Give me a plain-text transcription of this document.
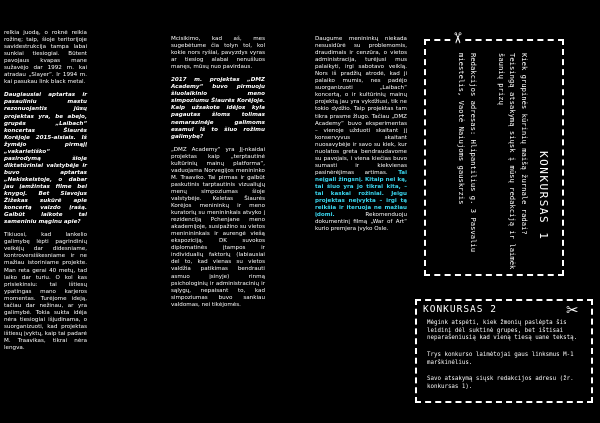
relkia juodą, o roknė reikia rožinę; taip, šioje teritorijoje savidestrukcija tampa labai sunkiai tiesiogiai. Būtent pavojaus kvapas mane sužavėjo dar 1992 m. kai atradau „Slayer“. Ir 1994 m. kai pasukau link black metal.

Daugiausiai aptartas ir pasauliniu mastu rezonuojantis jūsų projektas yra, be abejo, grupės „Laibach“ koncertas Šiaurės Korėjoje 2015-aisiais. Iš žymėjo pirmąjį „vakarietiško“ pasirodymą šioje diktatūriniai valstybėje ir buvo aptartas „Nekiskeistoje, o dabar jau įamžintas filme bei knygoj. Bet Slavojus Žižekas sukūrė apie koncertą vaizdo įrašą. Galbūt laikote tai sameniniu mąginu apie?

Tikiuosi, kad lankelio galimybę lėpti pagrindinių veikėjų dar didesniame, kontroversiškesniame ir ne mažiau istoriniame projekte. Man reta gerai 40 metų, tad laiko dar turiu. O kol kas prisiekinsiu: tai ištiesų ypatingas mano karjeros momentas. Turėjome ideją, tačiau dar nežinau, ar yra galimybė. Tokia sukta idėja nėra tiesiogiai išjudinama, o suorganizuoti, kad projektas ištiesų įvyktų, kaip tai padarė M. Traavikas, tikrai nėra lengva.

Mcisikimo, kad aš, mes sugebėtume čia tolyn tol, kol kokie nors ryšiai, pavyzdys vyras ar tiesiog alabai nenušluos manęs, mūsų nuo pavirdaus.

2017 m. projektas „DMZ Academy“ buvo pirmuoju šiuolaikinio meno simpoziumu Šiaurės Korėjoje. Kaip užsakote idėjos kyla pagautas šioms tolimas nemarazinėje galimoms esamui Iš to šiuo rožimu galimybę?

„DMZ Academy“ yra Jį-nkaidai projektas kaip „terptautinė kultūrinių mainų platforma“, vaduojama Norvegijos menininko M. Traaviko. Tai pirmas ir galbūt paskutinis tarptautinis vizualiųjų menų simpoziumas šioje valstybėje. Keletas Šiaurės Korėjos menininkų ir meno kuratorių su menininkais atvyko į rezidenciją Pchenjane meno akademijoje, susipažino su vietos meninininkais ir aurengė viešą ekspoziciją. DK suvokos diplomatinės įtampos ir individualių faktorių (labiausiai del to, kad vienas su vietos valdžia patikimas bendrauti asmuo įsinyje) rinmą psichologinių ir administracinių ir sąlygų, nepaisant to, kad simpoziumas buvo sankiau valdomas, nei tikėjomės.

Daugume menininkų niekada nesusidūrė su problemomis, draudimais ir cenzūra, o vietos administracija, turėjusi mus palaikyti, irgi sabotavo veiklą. Nors iš pradžių atrodė, kad ji palaiko mumis, nes padėjo suorganizuoti „Laibach“ koncertą, o ir kultūrinių mainų projektą jau yra vykdžiusi, tik ne tokio dydžio. Taip projektas tam tikra prasme žlugo. Tačiau „DMZ Academy“ buvo eksperimentas – vienoje užduoti skaitant jį konservyvus skaitant nuosavybėje ir savo su kiek, kur nuolatos greta bendraudavome su pavojais, i viena kiečias buvo sumasti ir kiekvienas pasinėrėjimas artimas. Tai neįgali žingsnį. Kitaip nei ką, tai šiuo yra jo tikrai kita, – tai kaskai rožiniai. Jeigu projektas neįvykta – irgi tą reikšia ir iteruoja ne mažiau įdomi.	Rekomenduoju dokumentinį filmą „War of Art“ kurio premjera įvyko Osle.	KONKURSAS 1
Kiek grupinės kūrinių maišą žurnale radai? Teisingą atsakymą siųsk į mūsų redakciją ir laimėk šaunių prizų
Redakcijos adresas: Hlipantilius g. 3 Pasvaliu miestelis, Vaotė Naiujoms gauskrzis
✂
KONKURSAS 2
Mėgink atspėti, kiek žmonių paslėpta šis leidinį dėl suktinė grupes, bet ištisai neparašeniusią kad vieną tiesą uane tekstą.
Trys konkurso laimėtojai gaus linksmus M-1 marškinėlius.
Savo atsakymą siųsk redakcijos adresu (žr. konkursas 1).
✂
